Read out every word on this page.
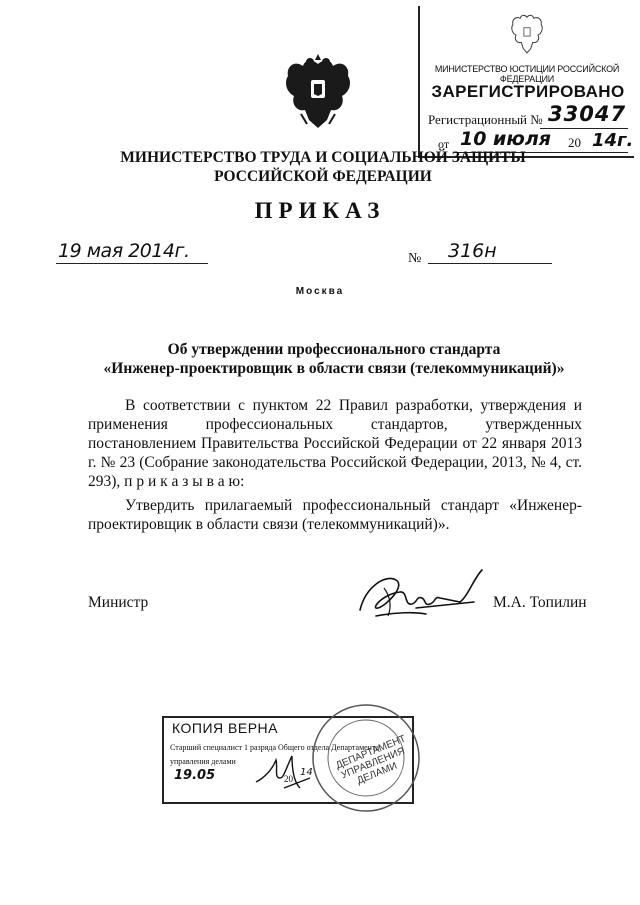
МИНИСТЕРСТВО ЮСТИЦИИ РОССИЙСКОЙ ФЕДЕРАЦИИ
ЗАРЕГИСТРИРОВАНО
Регистрационный № 33047
от 10 июля 20 14г.
МИНИСТЕРСТВО ТРУДА И СОЦИАЛЬНОЙ ЗАЩИТЫ
РОССИЙСКОЙ ФЕДЕРАЦИИ
ПРИКАЗ
19 мая 2014г.	№ 316н
Москва
Об утверждении профессионального стандарта
«Инженер-проектировщик в области связи (телекоммуникаций)»
В соответствии с пунктом 22 Правил разработки, утверждения и применения профессиональных стандартов, утвержденных постановлением Правительства Российской Федерации от 22 января 2013 г. № 23 (Собрание законодательства Российской Федерации, 2013, № 4, ст. 293), п р и к а з ы в а ю:
Утвердить прилагаемый профессиональный стандарт «Инженер-проектировщик в области связи (телекоммуникаций)».
Министр	М.А. Топилин
КОПИЯ ВЕРНА
Старший специалист 1 разряда Общего отдела Департамента
управления делами
19.05	20
14
ДЕПАРТАМЕНТ УПРАВЛЕНИЯ ДЕЛАМИ
